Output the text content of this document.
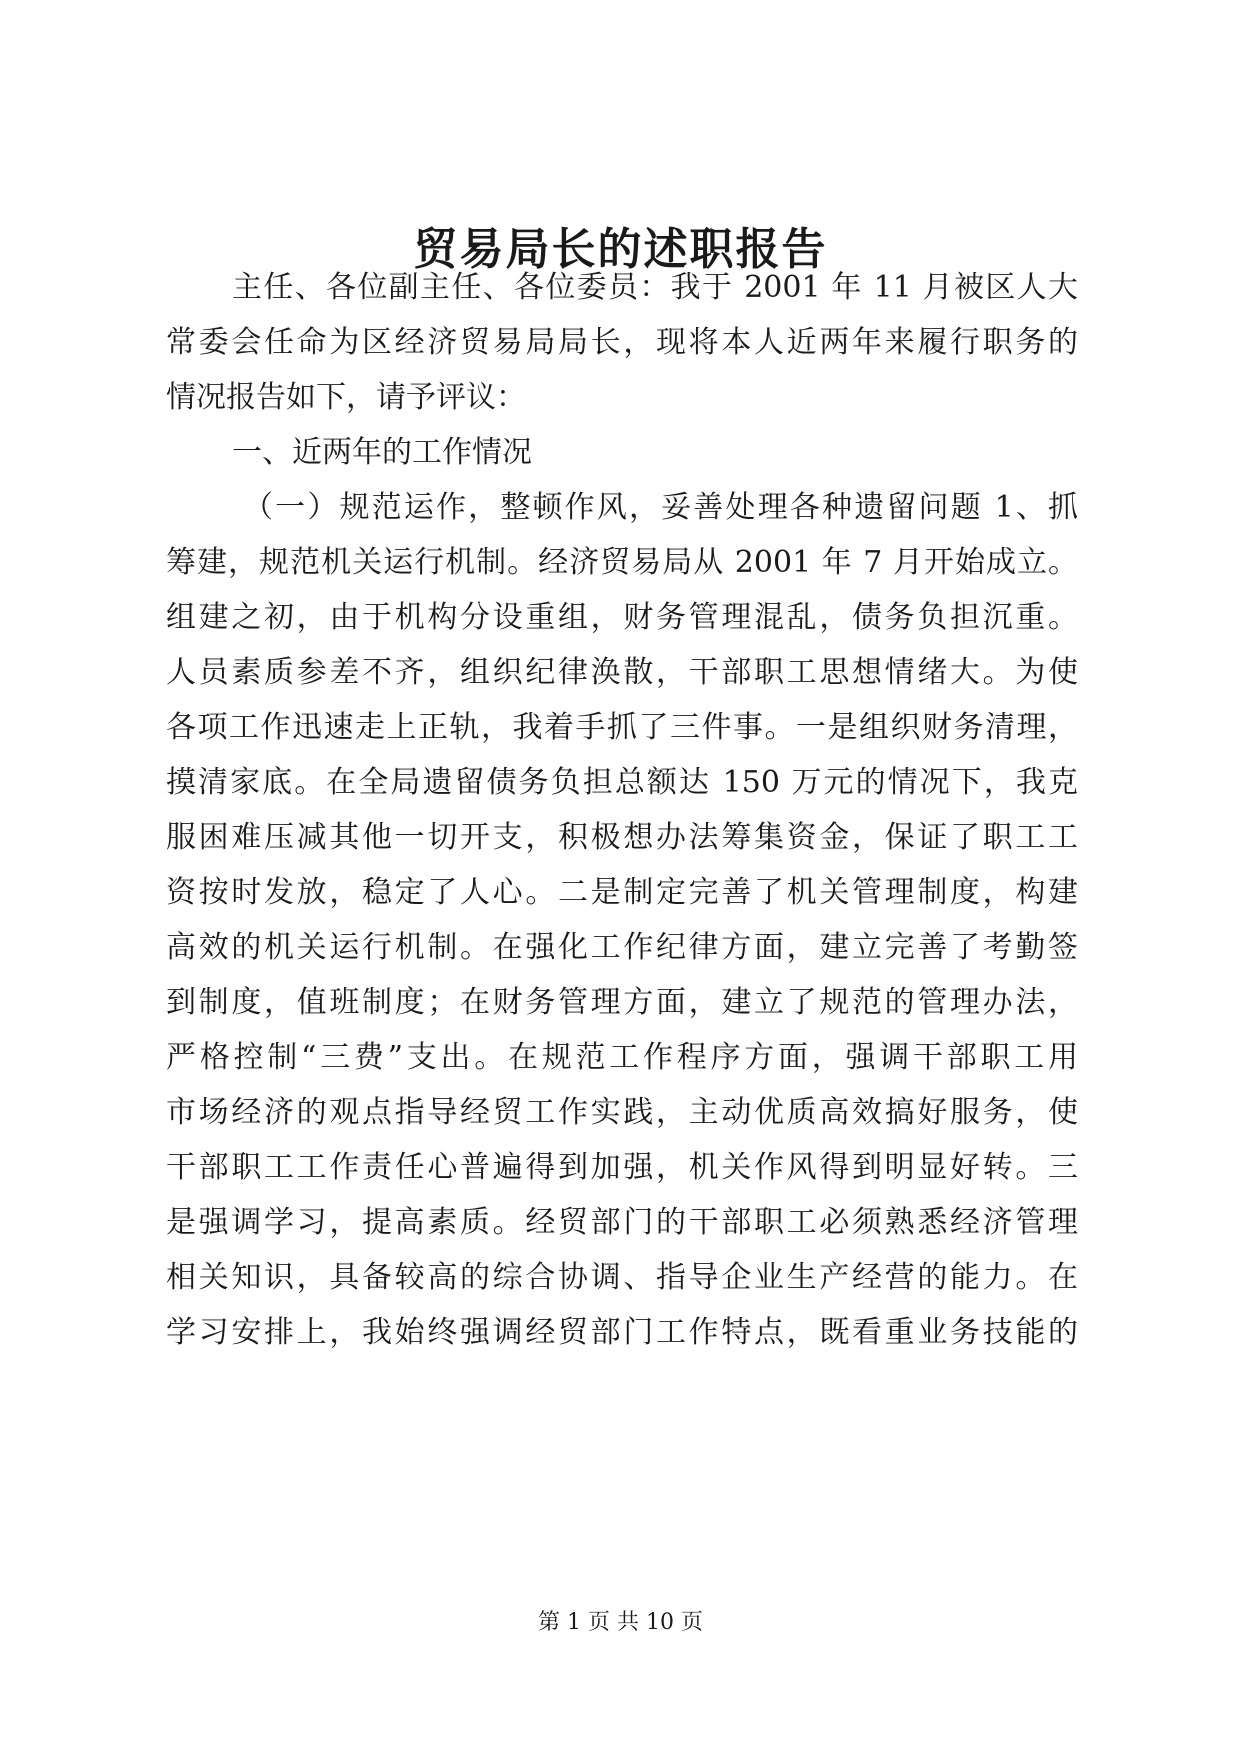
贸易局长的述职报告
主任、各位副主任、各位委员：我于 2001 年 11 月被区人大
常委会任命为区经济贸易局局长，现将本人近两年来履行职务的
情况报告如下，请予评议：
一、近两年的工作情况
（一）规范运作，整顿作风，妥善处理各种遗留问题 1、抓
筹建，规范机关运行机制。经济贸易局从 2001 年 7 月开始成立。
组建之初，由于机构分设重组，财务管理混乱，债务负担沉重。
人员素质参差不齐，组织纪律涣散，干部职工思想情绪大。为使
各项工作迅速走上正轨，我着手抓了三件事。一是组织财务清理，
摸清家底。在全局遗留债务负担总额达 150 万元的情况下，我克
服困难压减其他一切开支，积极想办法筹集资金，保证了职工工
资按时发放，稳定了人心。二是制定完善了机关管理制度，构建
高效的机关运行机制。在强化工作纪律方面，建立完善了考勤签
到制度，值班制度；在财务管理方面，建立了规范的管理办法，
严格控制“三费”支出。在规范工作程序方面，强调干部职工用
市场经济的观点指导经贸工作实践，主动优质高效搞好服务，使
干部职工工作责任心普遍得到加强，机关作风得到明显好转。三
是强调学习，提高素质。经贸部门的干部职工必须熟悉经济管理
相关知识，具备较高的综合协调、指导企业生产经营的能力。在
学习安排上，我始终强调经贸部门工作特点，既看重业务技能的
第 1 页 共 10 页
